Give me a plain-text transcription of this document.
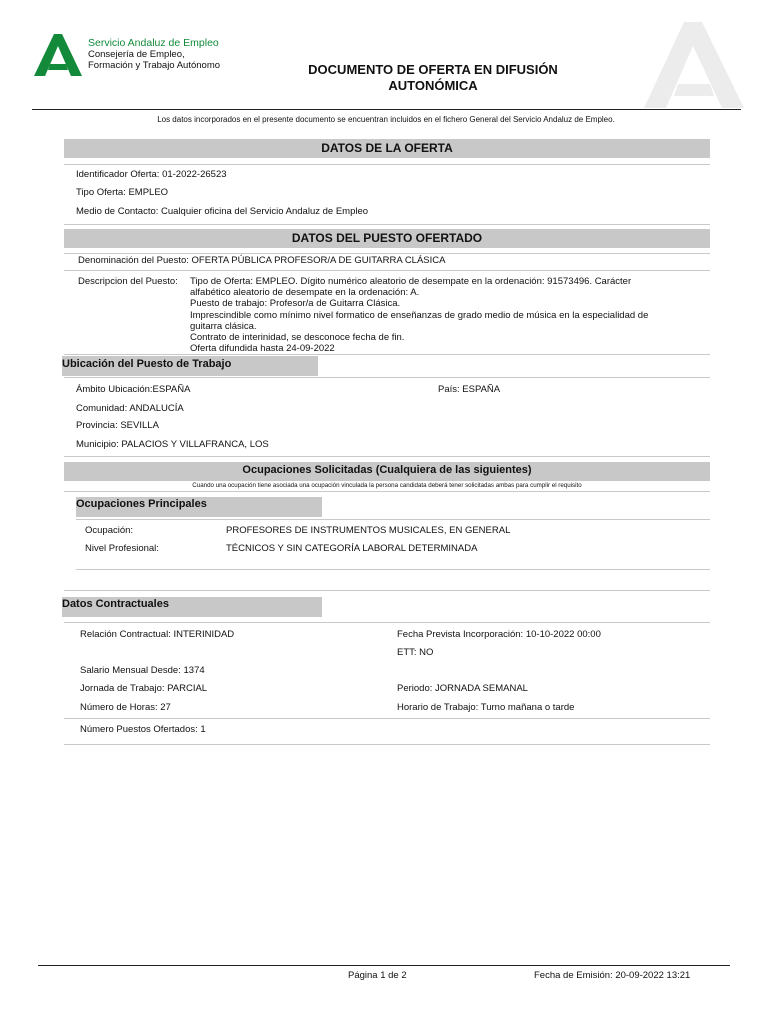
Servicio Andaluz de Empleo
Consejería de Empleo,
Formación y Trabajo Autónomo	DOCUMENTO DE OFERTA EN DIFUSIÓN
AUTONÓMICA
Los datos incorporados en el presente documento se encuentran incluidos en el fichero General del Servicio Andaluz de Empleo.
DATOS DE LA OFERTA
Identificador Oferta: 01-2022-26523
Tipo Oferta: EMPLEO
Medio de Contacto: Cualquier oficina del Servicio Andaluz de Empleo
DATOS DEL PUESTO OFERTADO
Denominación del Puesto: OFERTA PÚBLICA PROFESOR/A DE GUITARRA CLÁSICA
Descripcion del Puesto: Tipo de Oferta: EMPLEO. Dígito numérico aleatorio de desempate en la ordenación: 91573496. Carácter
alfabético aleatorio de desempate en la ordenación: A.
Puesto de trabajo: Profesor/a de Guitarra Clásica.
Imprescindible como mínimo nivel formatico de enseñanzas de grado medio de música en la especialidad de
guitarra clásica.
Contrato de interinidad, se desconoce fecha de fin.
Oferta difundida hasta 24-09-2022
Ubicación del Puesto de Trabajo
Ámbito Ubicación:ESPAÑA	País: ESPAÑA
Comunidad: ANDALUCÍA
Provincia: SEVILLA
Municipio: PALACIOS Y VILLAFRANCA, LOS
Ocupaciones Solicitadas (Cualquiera de las siguientes)
Cuando una ocupación tiene asociada una ocupación vinculada la persona candidata deberá tener solicitadas ambas para cumplir el requisito
Ocupaciones Principales
Ocupación:	PROFESORES DE INSTRUMENTOS MUSICALES, EN GENERAL
Nivel Profesional:	TÉCNICOS Y SIN CATEGORÍA LABORAL DETERMINADA
Datos Contractuales
Relación Contractual: INTERINIDAD	Fecha Prevista Incorporación: 10-10-2022 00:00
ETT: NO
Salario Mensual Desde: 1374
Jornada de Trabajo: PARCIAL	Periodo: JORNADA SEMANAL
Número de Horas: 27	Horario de Trabajo: Turno mañana o tarde
Número Puestos Ofertados: 1
Página 1 de 2	Fecha de Emisión: 20-09-2022 13:21
